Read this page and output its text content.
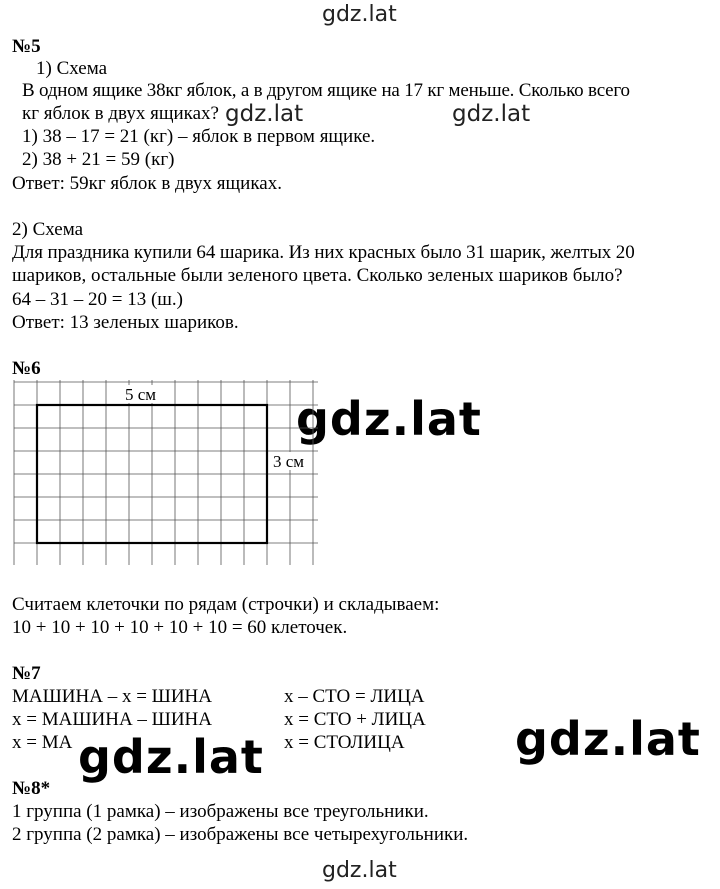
gdz.lat
gdz.lat	gdz.lat
gdz.lat
gdz.lat
gdz.lat
gdz.lat
№5
1) Схема
В одном ящике 38кг яблок, а в другом ящике на 17 кг меньше. Сколько всего
кг яблок в двух ящиках?
1) 38 – 17 = 21 (кг) – яблок в первом ящике.
2) 38 + 21 = 59 (кг)
Ответ: 59кг яблок в двух ящиках.
2) Схема
Для праздника купили 64 шарика. Из них красных было 31 шарик, желтых 20
шариков, остальные были зеленого цвета. Сколько зеленых шариков было?
64 – 31 – 20 = 13 (ш.)
Ответ: 13 зеленых шариков.
№6
5 см
3 см
Считаем клеточки по рядам (строчки) и складываем:
10 + 10 + 10 + 10 + 10 + 10 = 60 клеточек.
№7
МАШИНА – х = ШИНА
х = МАШИНА – ШИНА
х = МА
х – СТО = ЛИЦА
х = СТО + ЛИЦА
х = СТОЛИЦА
№8*
1 группа (1 рамка) – изображены все треугольники.
2 группа (2 рамка) – изображены все четырехугольники.
